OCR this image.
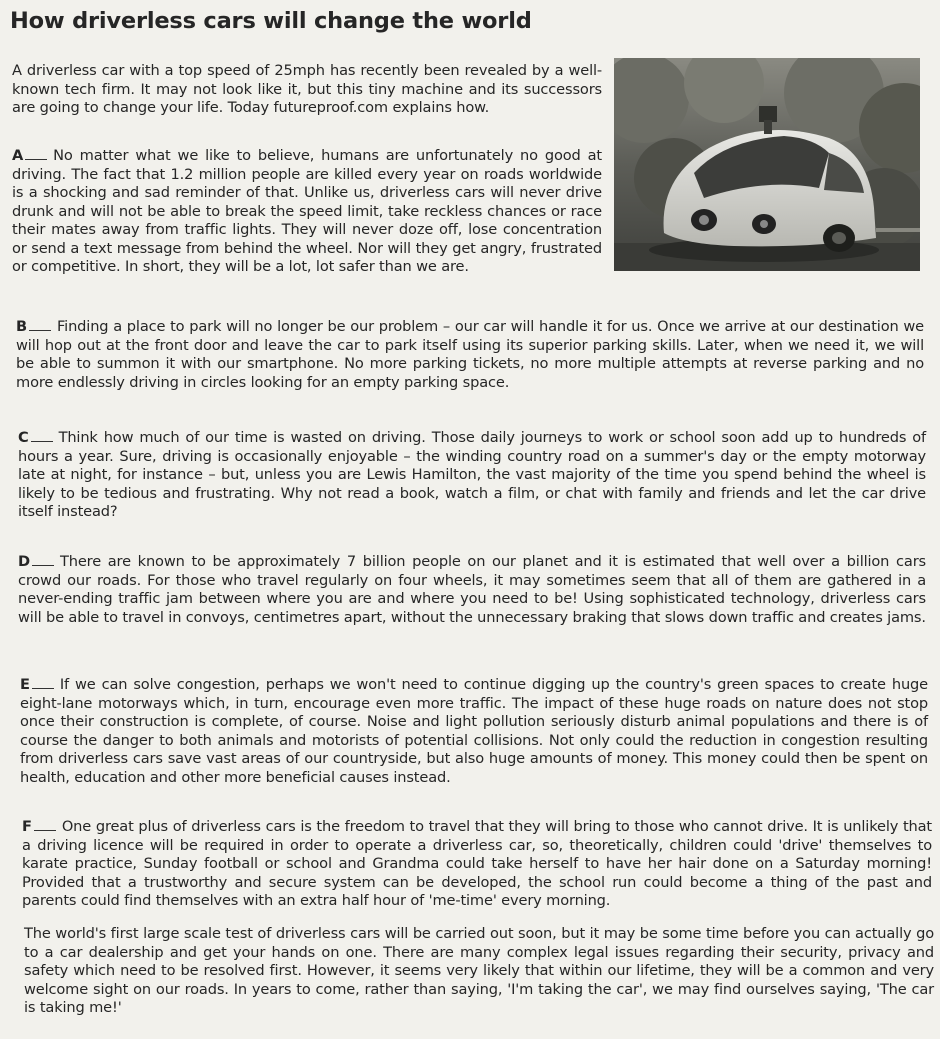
How driverless cars will change the world

A driverless car with a top speed of 25mph has recently been revealed by a well-known tech firm. It may not look like it, but this tiny machine and its successors are going to change your life. Today futureproof.com explains how.

A No matter what we like to believe, humans are unfortunately no good at driving. The fact that 1.2 million people are killed every year on roads worldwide is a shocking and sad reminder of that. Unlike us, driverless cars will never drive drunk and will not be able to break the speed limit, take reckless chances or race their mates away from traffic lights. They will never doze off, lose concentration or send a text message from behind the wheel. Nor will they get angry, frustrated or competitive. In short, they will be a lot, lot safer than we are.

B Finding a place to park will no longer be our problem – our car will handle it for us. Once we arrive at our destination we will hop out at the front door and leave the car to park itself using its superior parking skills. Later, when we need it, we will be able to summon it with our smartphone. No more parking tickets, no more multiple attempts at reverse parking and no more endlessly driving in circles looking for an empty parking space.

C Think how much of our time is wasted on driving. Those daily journeys to work or school soon add up to hundreds of hours a year. Sure, driving is occasionally enjoyable – the winding country road on a summer's day or the empty motorway late at night, for instance – but, unless you are Lewis Hamilton, the vast majority of the time you spend behind the wheel is likely to be tedious and frustrating. Why not read a book, watch a film, or chat with family and friends and let the car drive itself instead?

D There are known to be approximately 7 billion people on our planet and it is estimated that well over a billion cars crowd our roads. For those who travel regularly on four wheels, it may sometimes seem that all of them are gathered in a never-ending traffic jam between where you are and where you need to be! Using sophisticated technology, driverless cars will be able to travel in convoys, centimetres apart, without the unnecessary braking that slows down traffic and creates jams.

E If we can solve congestion, perhaps we won't need to continue digging up the country's green spaces to create huge eight-lane motorways which, in turn, encourage even more traffic. The impact of these huge roads on nature does not stop once their construction is complete, of course. Noise and light pollution seriously disturb animal populations and there is of course the danger to both animals and motorists of potential collisions. Not only could the reduction in congestion resulting from driverless cars save vast areas of our countryside, but also huge amounts of money. This money could then be spent on health, education and other more beneficial causes instead.

F One great plus of driverless cars is the freedom to travel that they will bring to those who cannot drive. It is unlikely that a driving licence will be required in order to operate a driverless car, so, theoretically, children could 'drive' themselves to karate practice, Sunday football or school and Grandma could take herself to have her hair done on a Saturday morning! Provided that a trustworthy and secure system can be developed, the school run could become a thing of the past and parents could find themselves with an extra half hour of 'me-time' every morning.

The world's first large scale test of driverless cars will be carried out soon, but it may be some time before you can actually go to a car dealership and get your hands on one. There are many complex legal issues regarding their security, privacy and safety which need to be resolved first. However, it seems very likely that within our lifetime, they will be a common and very welcome sight on our roads. In years to come, rather than saying, 'I'm taking the car', we may find ourselves saying, 'The car is taking me!'
